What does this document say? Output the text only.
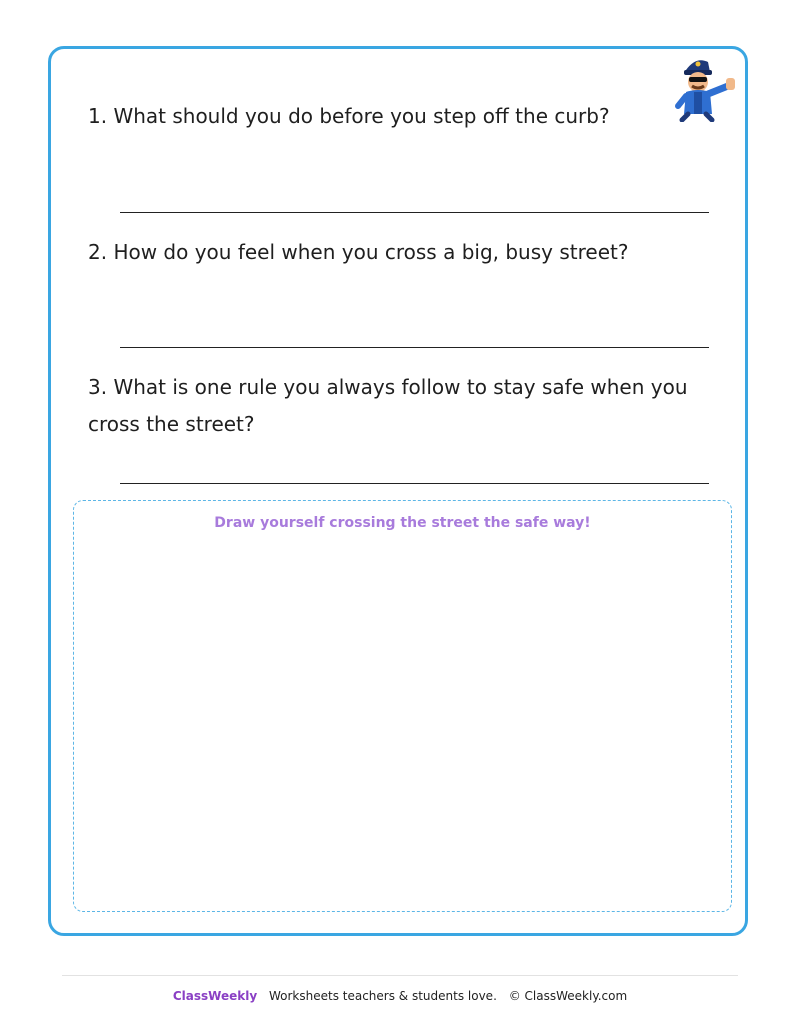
1. What should you do before you step off the curb?

2. How do you feel when you cross a big, busy street?

3. What is one rule you always follow to stay safe when you cross the street?

Draw yourself crossing the street the safe way!
ClassWeekly Worksheets teachers & students love. © ClassWeekly.com
